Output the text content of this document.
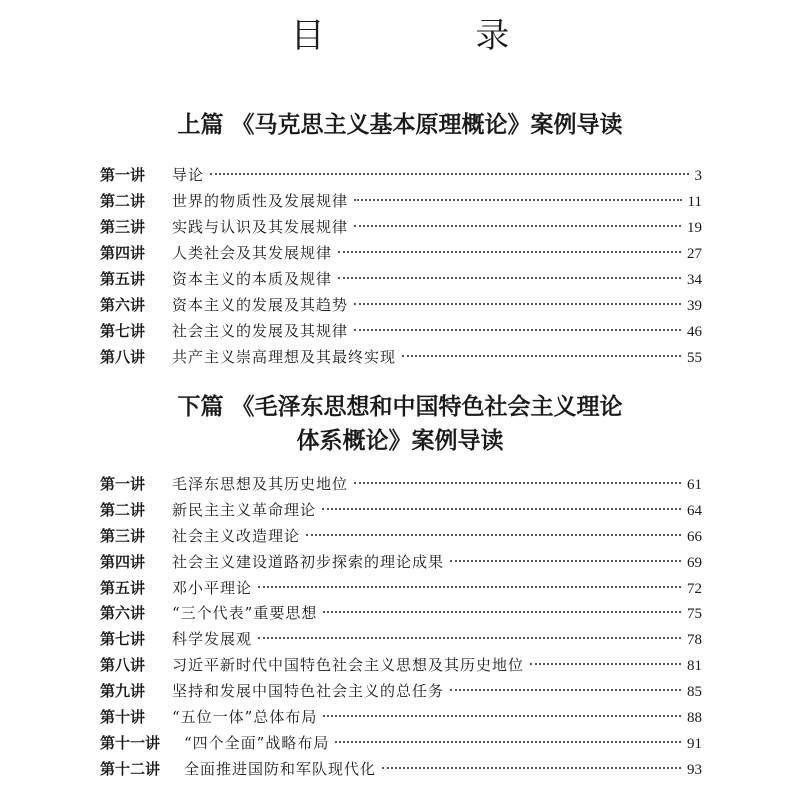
目 录
上篇 《马克思主义基本原理概论》案例导读
第一讲	导论	3
第二讲	世界的物质性及发展规律	11
第三讲	实践与认识及其发展规律	19
第四讲	人类社会及其发展规律	27
第五讲	资本主义的本质及规律	34
第六讲	资本主义的发展及其趋势	39
第七讲	社会主义的发展及其规律	46
第八讲	共产主义崇高理想及其最终实现	55
下篇 《毛泽东思想和中国特色社会主义理论
体系概论》案例导读
第一讲	毛泽东思想及其历史地位	61
第二讲	新民主主义革命理论	64
第三讲	社会主义改造理论	66
第四讲	社会主义建设道路初步探索的理论成果	69
第五讲	邓小平理论	72
第六讲	“三个代表”重要思想	75
第七讲	科学发展观	78
第八讲	习近平新时代中国特色社会主义思想及其历史地位	81
第九讲	坚持和发展中国特色社会主义的总任务	85
第十讲	“五位一体”总体布局	88
第十一讲	“四个全面”战略布局	91
第十二讲	全面推进国防和军队现代化	93
